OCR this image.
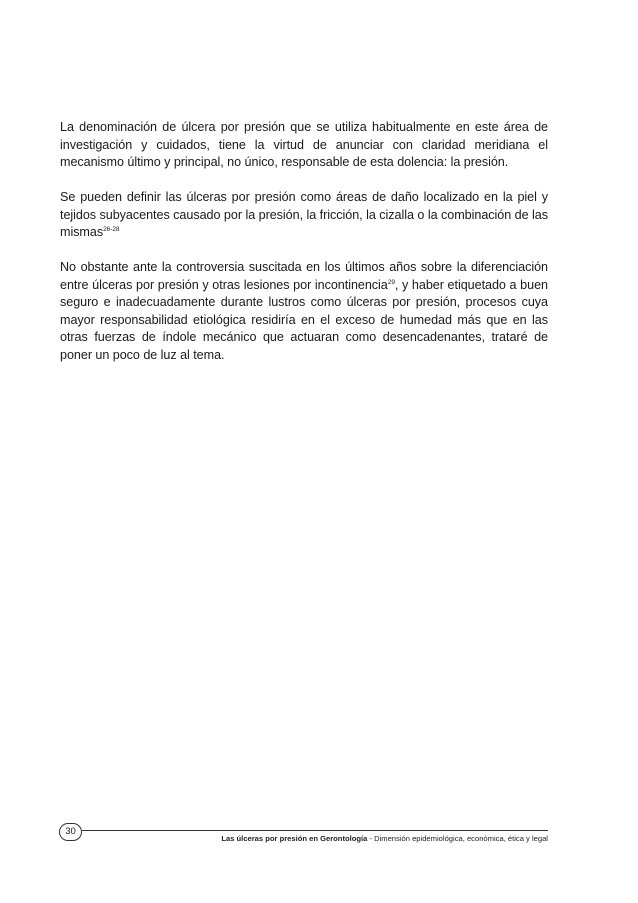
La denominación de úlcera por presión que se utiliza habitualmente en este área de investigación y cuidados, tiene la virtud de anunciar con claridad meridiana el mecanismo último y principal, no único, responsable de esta dolencia: la presión.

Se pueden definir las úlceras por presión como áreas de daño localizado en la piel y tejidos subyacentes causado por la presión, la fricción, la cizalla o la combinación de las mismas$^{26-28}$

No obstante ante la controversia suscitada en los últimos años sobre la diferenciación entre úlceras por presión y otras lesiones por incontinencia$^{29}$, y haber etiquetado a buen seguro e inadecuadamente durante lustros como úlceras por presión, procesos cuya mayor responsabilidad etiológica residiría en el exceso de humedad más que en las otras fuerzas de índole mecánico que actuaran como desencadenantes, trataré de poner un poco de luz al tema.

30
Las úlceras por presión en Gerontología - Dimensión epidemiológica, económica, ética y legal
